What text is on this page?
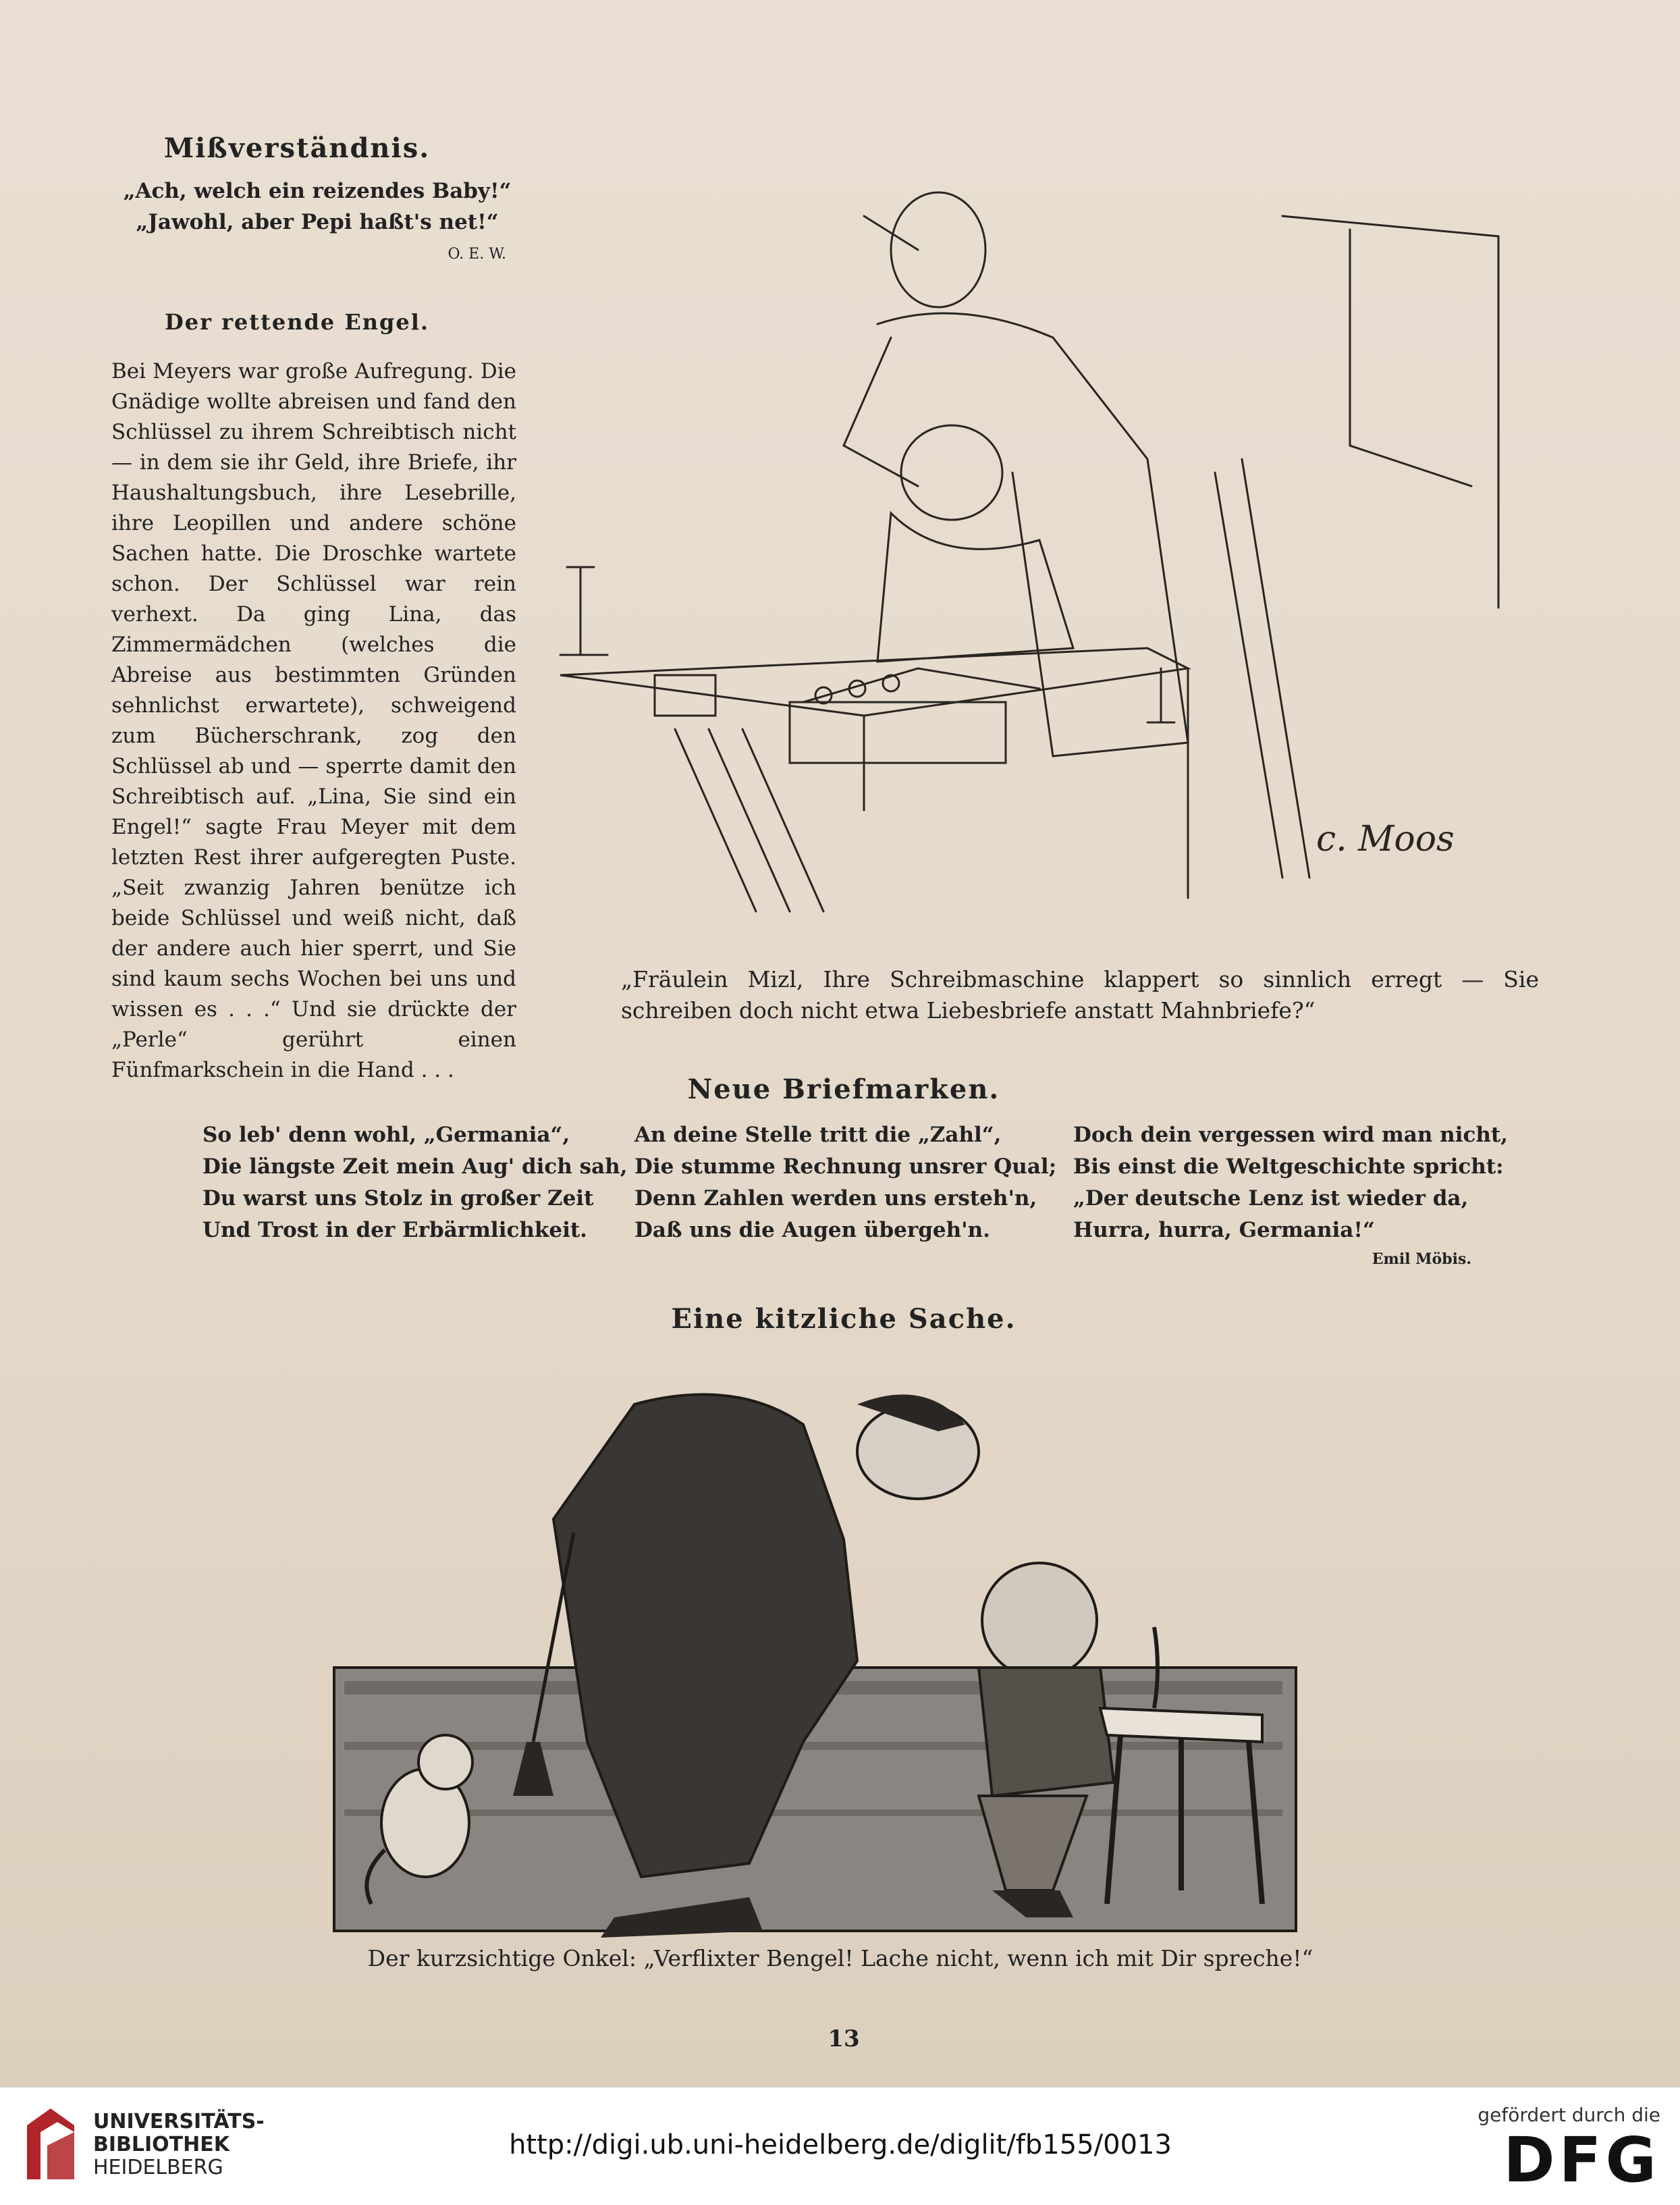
Mißverständnis.
„Ach, welch ein reizendes Baby!“
„Jawohl, aber Pepi haßt's net!“
O. E. W.
Der rettende Engel.
Bei Meyers war große Aufregung. Die Gnädige wollte abreisen und fand den Schlüssel zu ihrem Schreibtisch nicht — in dem sie ihr Geld, ihre Briefe, ihr Haushaltungsbuch, ihre Lesebrille, ihre Leopillen und andere schöne Sachen hatte. Die Droschke wartete schon. Der Schlüssel war rein verhext. Da ging Lina, das Zimmermädchen (welches die Abreise aus bestimmten Gründen sehnlichst erwartete), schweigend zum Bücherschrank, zog den Schlüssel ab und — sperrte damit den Schreibtisch auf. „Lina, Sie sind ein Engel!“ sagte Frau Meyer mit dem letzten Rest ihrer aufgeregten Puste. „Seit zwanzig Jahren benütze ich beide Schlüssel und weiß nicht, daß der andere auch hier sperrt, und Sie sind kaum sechs Wochen bei uns und wissen es . . .“ Und sie drückte der „Perle“ gerührt einen Fünfmarkschein in die Hand . . .
c. Moos
„Fräulein Mizl, Ihre Schreibmaschine klappert so sinnlich erregt — Sie schreiben doch nicht etwa Liebesbriefe anstatt Mahnbriefe?“
Neue Briefmarken.
So leb' denn wohl, „Germania“,
Die längste Zeit mein Aug' dich sah,
Du warst uns Stolz in großer Zeit
Und Trost in der Erbärmlichkeit.
An deine Stelle tritt die „Zahl“,
Die stumme Rechnung unsrer Qual;
Denn Zahlen werden uns ersteh'n,
Daß uns die Augen übergeh'n.
Doch dein vergessen wird man nicht,
Bis einst die Weltgeschichte spricht:
„Der deutsche Lenz ist wieder da,
Hurra, hurra, Germania!“
Emil Möbis.
Eine kitzliche Sache.
Der kurzsichtige Onkel: „Verflixter Bengel! Lache nicht, wenn ich mit Dir spreche!“
13
UNIVERSITÄTS-
BIBLIOTHEK
HEIDELBERG
http://digi.ub.uni-heidelberg.de/diglit/fb155/0013
gefördert durch die
DFG
